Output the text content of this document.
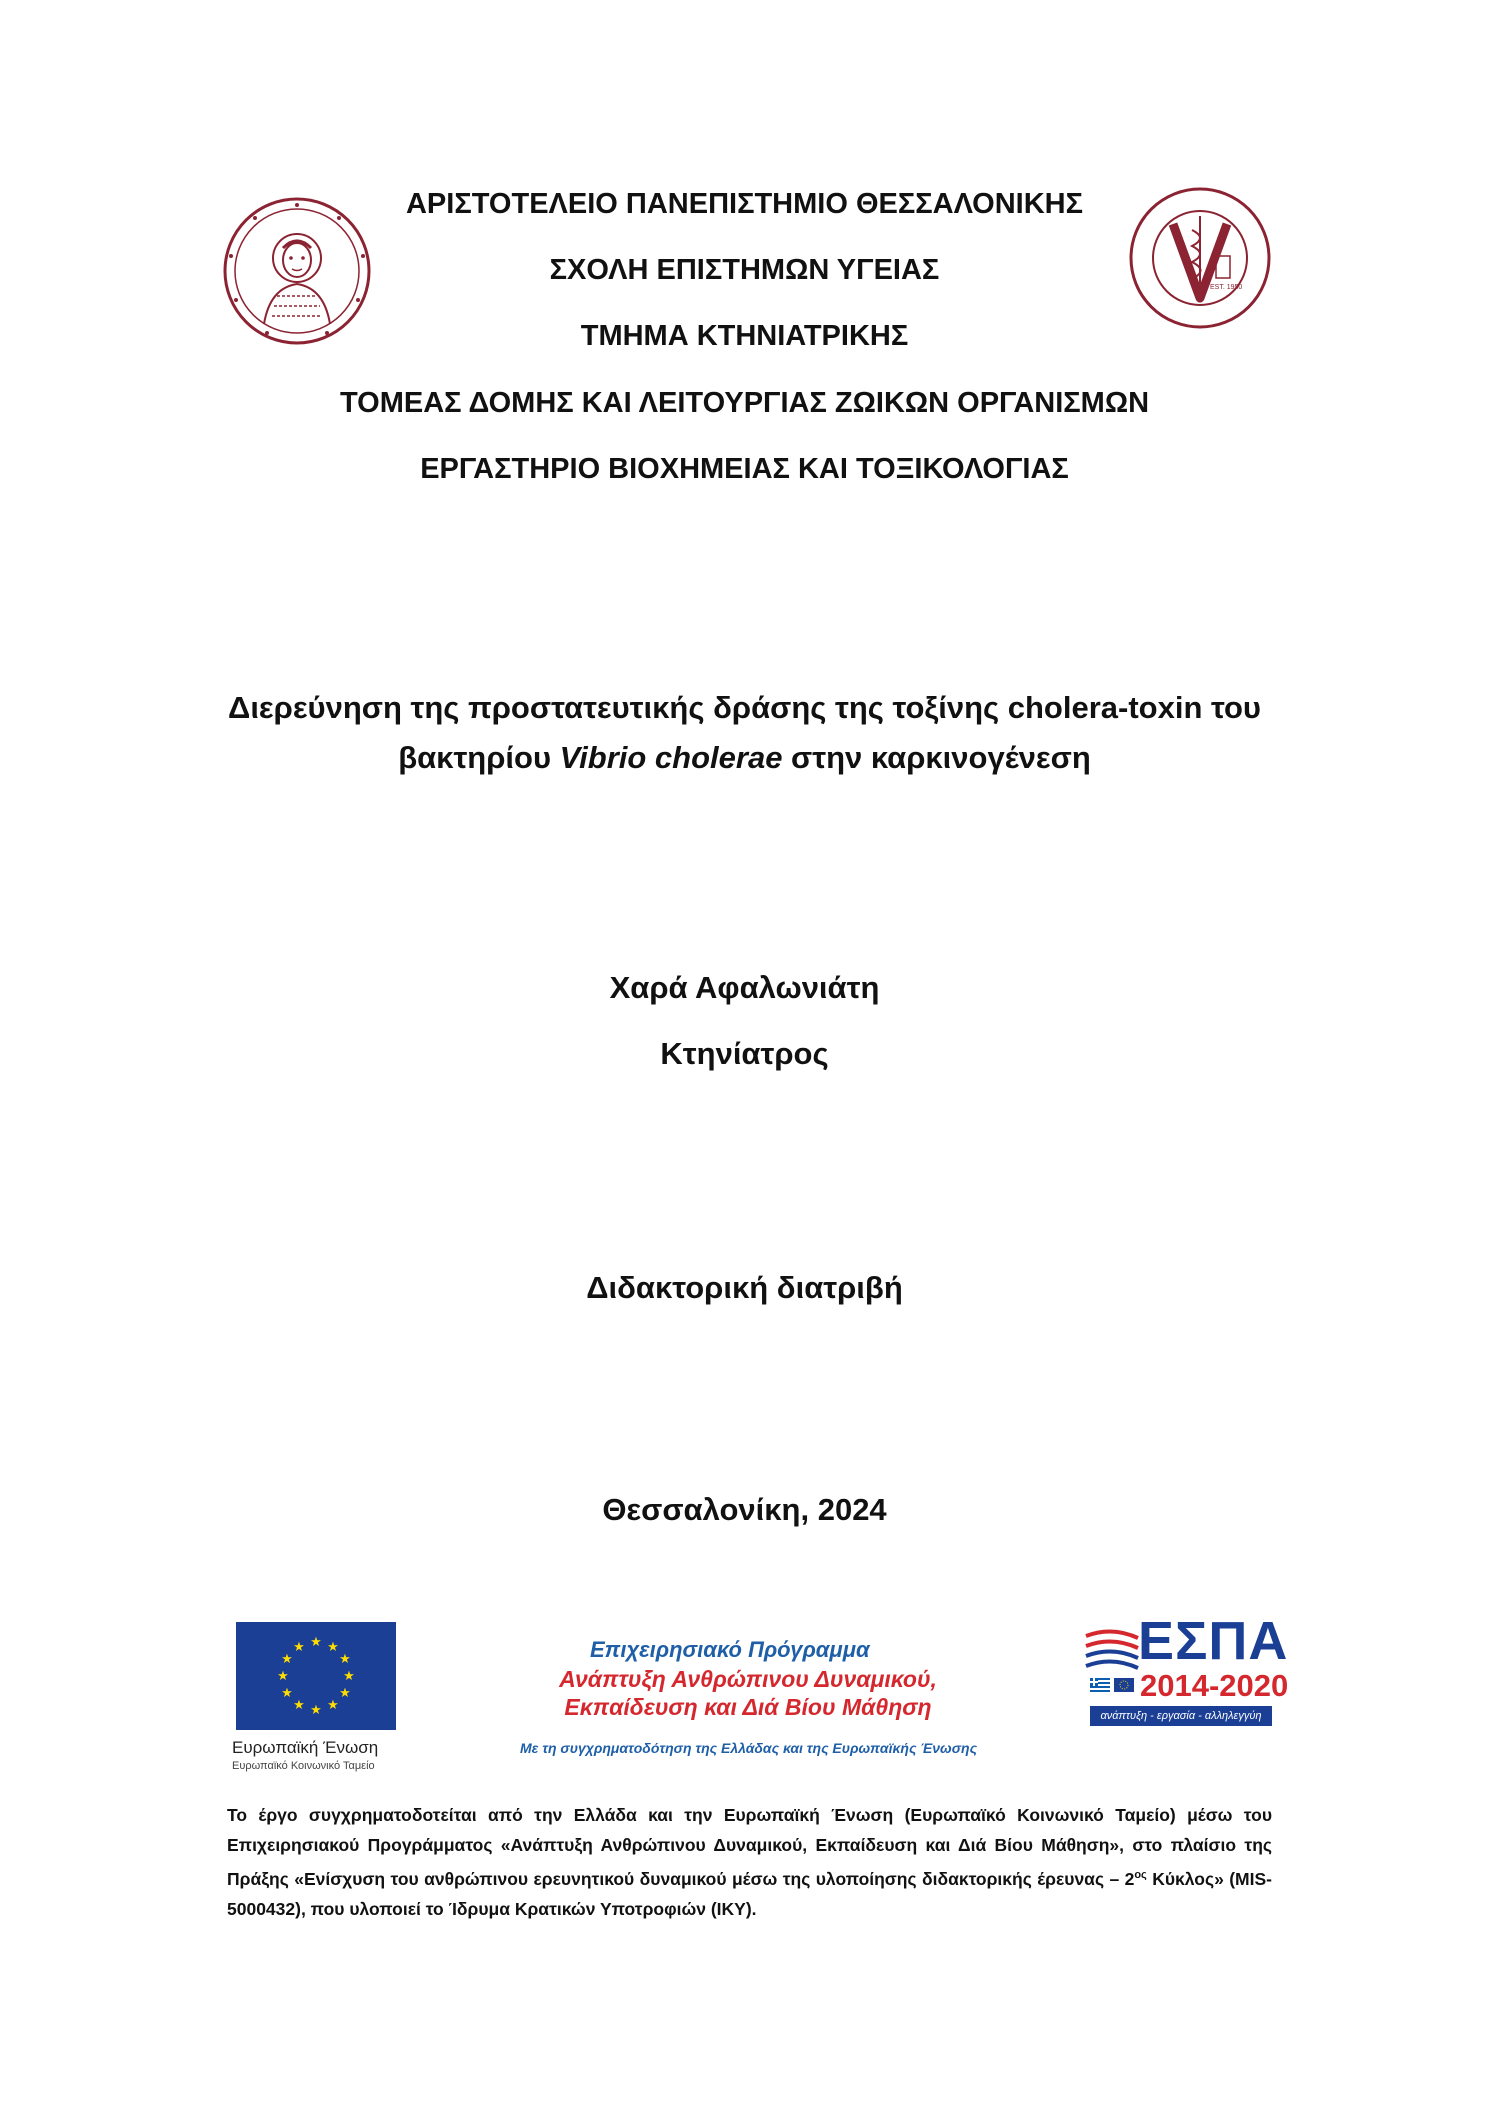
EST. 1950
ΑΡΙΣΤΟΤΕΛΕΙΟ ΠΑΝΕΠΙΣΤΗΜΙΟ ΘΕΣΣΑΛΟΝΙΚΗΣ
ΣΧΟΛΗ ΕΠΙΣΤΗΜΩΝ ΥΓΕΙΑΣ
ΤΜΗΜΑ ΚΤΗΝΙΑΤΡΙΚΗΣ
ΤΟΜΕΑΣ ΔΟΜΗΣ ΚΑΙ ΛΕΙΤΟΥΡΓΙΑΣ ΖΩΙΚΩΝ ΟΡΓΑΝΙΣΜΩΝ
ΕΡΓΑΣΤΗΡΙΟ ΒΙΟΧΗΜΕΙΑΣ ΚΑΙ ΤΟΞΙΚΟΛΟΓΙΑΣ
Διερεύνηση της προστατευτικής δράσης της τοξίνης cholera-toxin του
βακτηρίου Vibrio cholerae στην καρκινογένεση
Χαρά Αφαλωνιάτη
Κτηνίατρος
Διδακτορική διατριβή
Θεσσαλονίκη, 2024
★ ★
★
★
★
★
★
★
★
★
★
★
Ευρωπαϊκή Ένωση
Ευρωπαϊκό Κοινωνικό Ταμείο
Επιχειρησιακό Πρόγραμμα
Ανάπτυξη Ανθρώπινου Δυναμικού,
Εκπαίδευση και Διά Βίου Μάθηση
Με τη συγχρηματοδότηση της Ελλάδας και της Ευρωπαϊκής Ένωσης
ΕΣΠΑ
2014-2020
ανάπτυξη - εργασία - αλληλεγγύη
Το έργο συγχρηματοδοτείται από την Ελλάδα και την Ευρωπαϊκή Ένωση (Ευρωπαϊκό Κοινωνικό Ταμείο) μέσω του Επιχειρησιακού Προγράμματος «Ανάπτυξη Ανθρώπινου Δυναμικού, Εκπαίδευση και Διά Βίου Μάθηση», στο πλαίσιο της Πράξης «Ενίσχυση του ανθρώπινου ερευνητικού δυναμικού μέσω της υλοποίησης διδακτορικής έρευνας – $2^{o\varsigma}$ Κύκλος» (MIS-5000432), που υλοποιεί το Ίδρυμα Κρατικών Υποτροφιών (ΙΚΥ).
